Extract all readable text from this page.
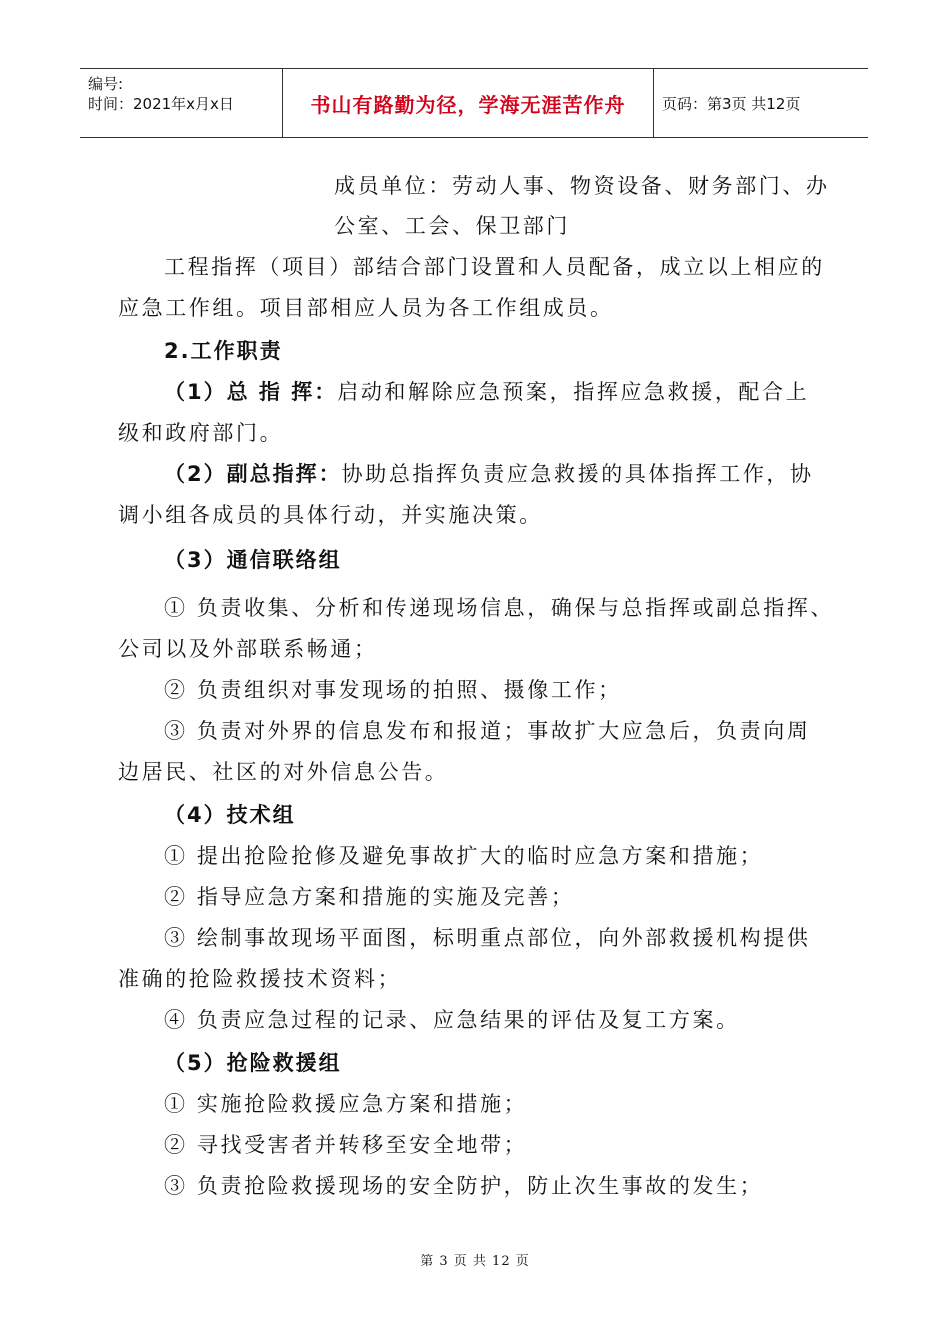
编号:
时间：2021年x月x日	书山有路勤为径，学海无涯苦作舟 页码：第3页 共12页
成员单位：劳动人事、物资设备、财务部门、办
公室、工会、保卫部门
工程指挥（项目）部结合部门设置和人员配备，成立以上相应的
应急工作组。项目部相应人员为各工作组成员。
2.工作职责
（1）总 指 挥：启动和解除应急预案，指挥应急救援，配合上
级和政府部门。
（2）副总指挥：协助总指挥负责应急救援的具体指挥工作，协
调小组各成员的具体行动，并实施决策。
（3）通信联络组
① 负责收集、分析和传递现场信息，确保与总指挥或副总指挥、
公司以及外部联系畅通；
② 负责组织对事发现场的拍照、摄像工作；
③ 负责对外界的信息发布和报道；事故扩大应急后，负责向周
边居民、社区的对外信息公告。
（4）技术组
① 提出抢险抢修及避免事故扩大的临时应急方案和措施；
② 指导应急方案和措施的实施及完善；
③ 绘制事故现场平面图，标明重点部位，向外部救援机构提供
准确的抢险救援技术资料；
④ 负责应急过程的记录、应急结果的评估及复工方案。
（5）抢险救援组
① 实施抢险救援应急方案和措施；
② 寻找受害者并转移至安全地带；
③ 负责抢险救援现场的安全防护，防止次生事故的发生；
第 3 页 共 12 页
